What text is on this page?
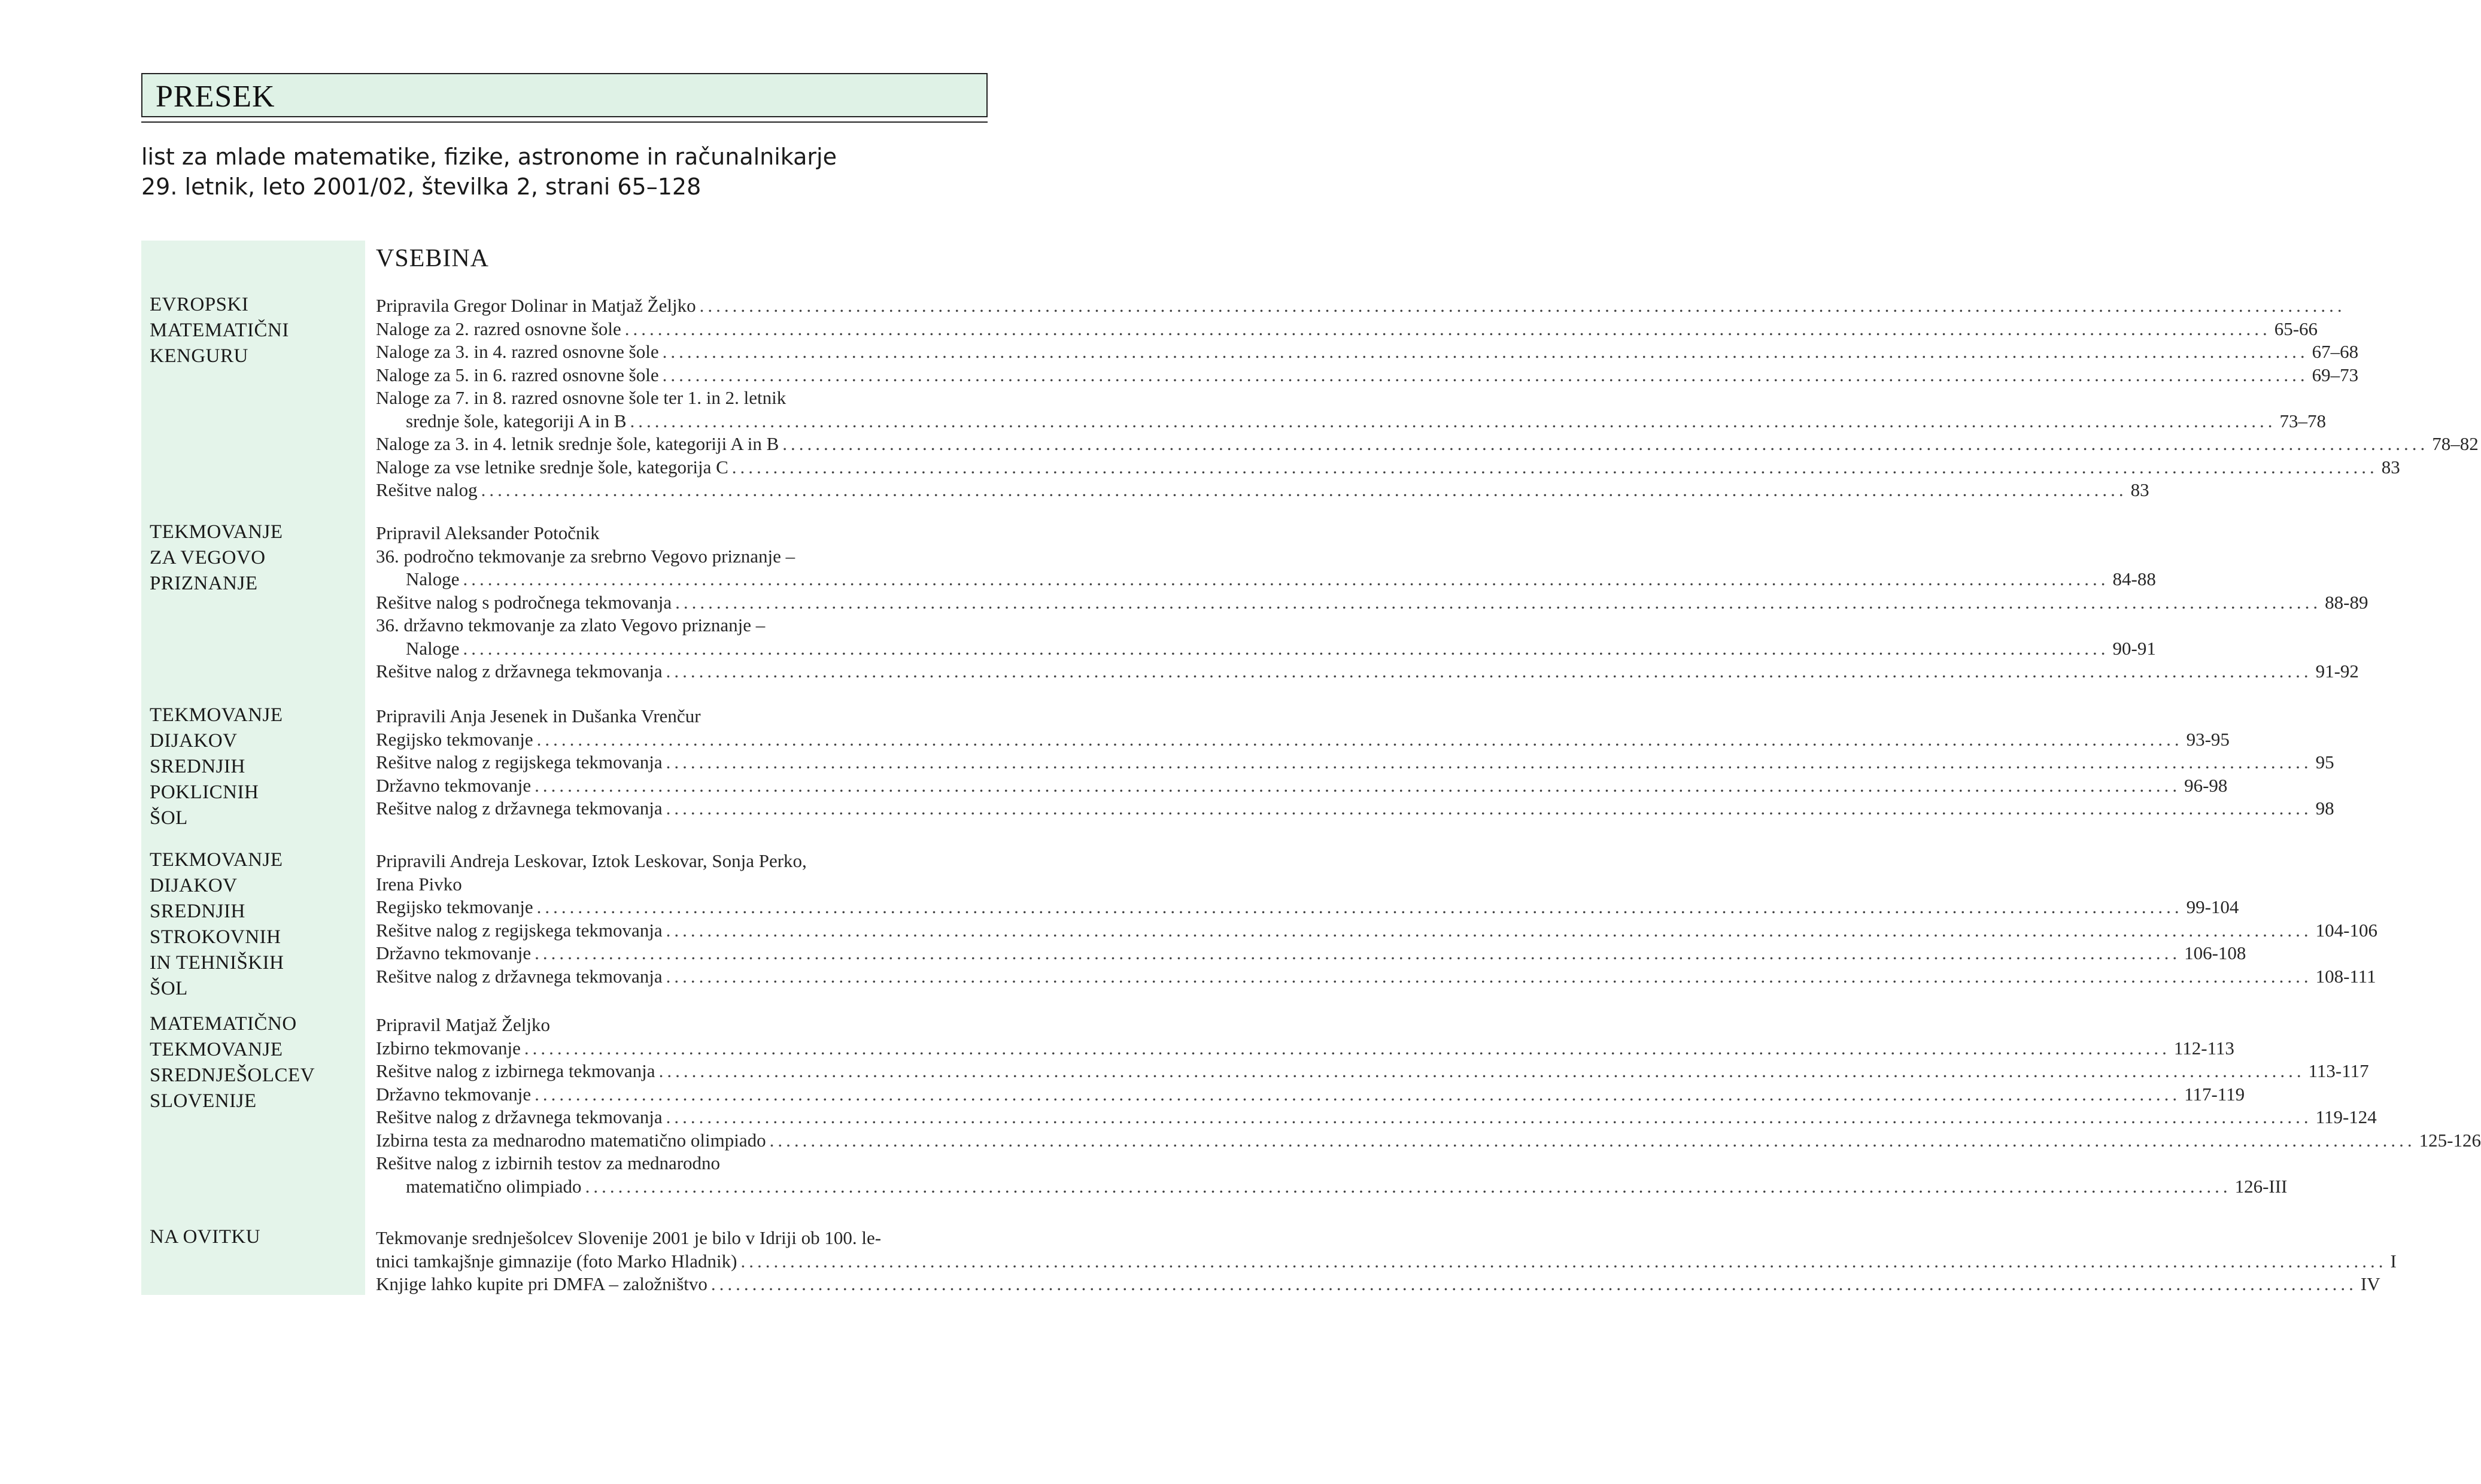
PRESEK
list za mlade matematike, fizike, astronome in računalnikarje
29. letnik, leto 2001/02, številka 2, strani 65–128
VSEBINA
EVROPSKI
MATEMATIČNI
KENGURU
Pripravila Gregor Dolinar in Matjaž Željko ........................................................................................................................................................................................................
Naloge za 2. razred osnovne šole ........................................................................................................................................................................................................ 65-66
Naloge za 3. in 4. razred osnovne šole ........................................................................................................................................................................................................ 67–68
Naloge za 5. in 6. razred osnovne šole ........................................................................................................................................................................................................ 69–73
Naloge za 7. in 8. razred osnovne šole ter 1. in 2. letnik
srednje šole, kategoriji A in B ........................................................................................................................................................................................................ 73–78
Naloge za 3. in 4. letnik srednje šole, kategoriji A in B ........................................................................................................................................................................................................ 78–82
Naloge za vse letnike srednje šole, kategorija C ........................................................................................................................................................................................................ 83
Rešitve nalog ........................................................................................................................................................................................................ 83
TEKMOVANJE
ZA VEGOVO
PRIZNANJE
Pripravil Aleksander Potočnik
36. področno tekmovanje za srebrno Vegovo priznanje –
Naloge ........................................................................................................................................................................................................ 84-88
Rešitve nalog s področnega tekmovanja ........................................................................................................................................................................................................ 88-89
36. državno tekmovanje za zlato Vegovo priznanje –
Naloge ........................................................................................................................................................................................................ 90-91
Rešitve nalog z državnega tekmovanja ........................................................................................................................................................................................................ 91-92
TEKMOVANJE
DIJAKOV
SREDNJIH
POKLICNIH
ŠOL
Pripravili Anja Jesenek in Dušanka Vrenčur
Regijsko tekmovanje ........................................................................................................................................................................................................ 93-95
Rešitve nalog z regijskega tekmovanja ........................................................................................................................................................................................................ 95
Državno tekmovanje ........................................................................................................................................................................................................ 96-98
Rešitve nalog z državnega tekmovanja ........................................................................................................................................................................................................ 98
TEKMOVANJE
DIJAKOV
SREDNJIH
STROKOVNIH
IN TEHNIŠKIH
ŠOL
Pripravili Andreja Leskovar, Iztok Leskovar, Sonja Perko,
Irena Pivko
Regijsko tekmovanje ........................................................................................................................................................................................................ 99-104
Rešitve nalog z regijskega tekmovanja ........................................................................................................................................................................................................ 104-106
Državno tekmovanje ........................................................................................................................................................................................................ 106-108
Rešitve nalog z državnega tekmovanja ........................................................................................................................................................................................................ 108-111
MATEMATIČNO
TEKMOVANJE
SREDNJEŠOLCEV
SLOVENIJE
Pripravil Matjaž Željko
Izbirno tekmovanje ........................................................................................................................................................................................................ 112-113
Rešitve nalog z izbirnega tekmovanja ........................................................................................................................................................................................................ 113-117
Državno tekmovanje ........................................................................................................................................................................................................ 117-119
Rešitve nalog z državnega tekmovanja ........................................................................................................................................................................................................ 119-124
Izbirna testa za mednarodno matematično olimpiado ........................................................................................................................................................................................................ 125-126
Rešitve nalog z izbirnih testov za mednarodno
matematično olimpiado ........................................................................................................................................................................................................ 126-III
NA OVITKU	Tekmovanje srednješolcev Slovenije 2001 je bilo v Idriji ob 100. le-
tnici tamkajšnje gimnazije (foto Marko Hladnik) ........................................................................................................................................................................................................ I
Knjige lahko kupite pri DMFA – založništvo ........................................................................................................................................................................................................ IV
